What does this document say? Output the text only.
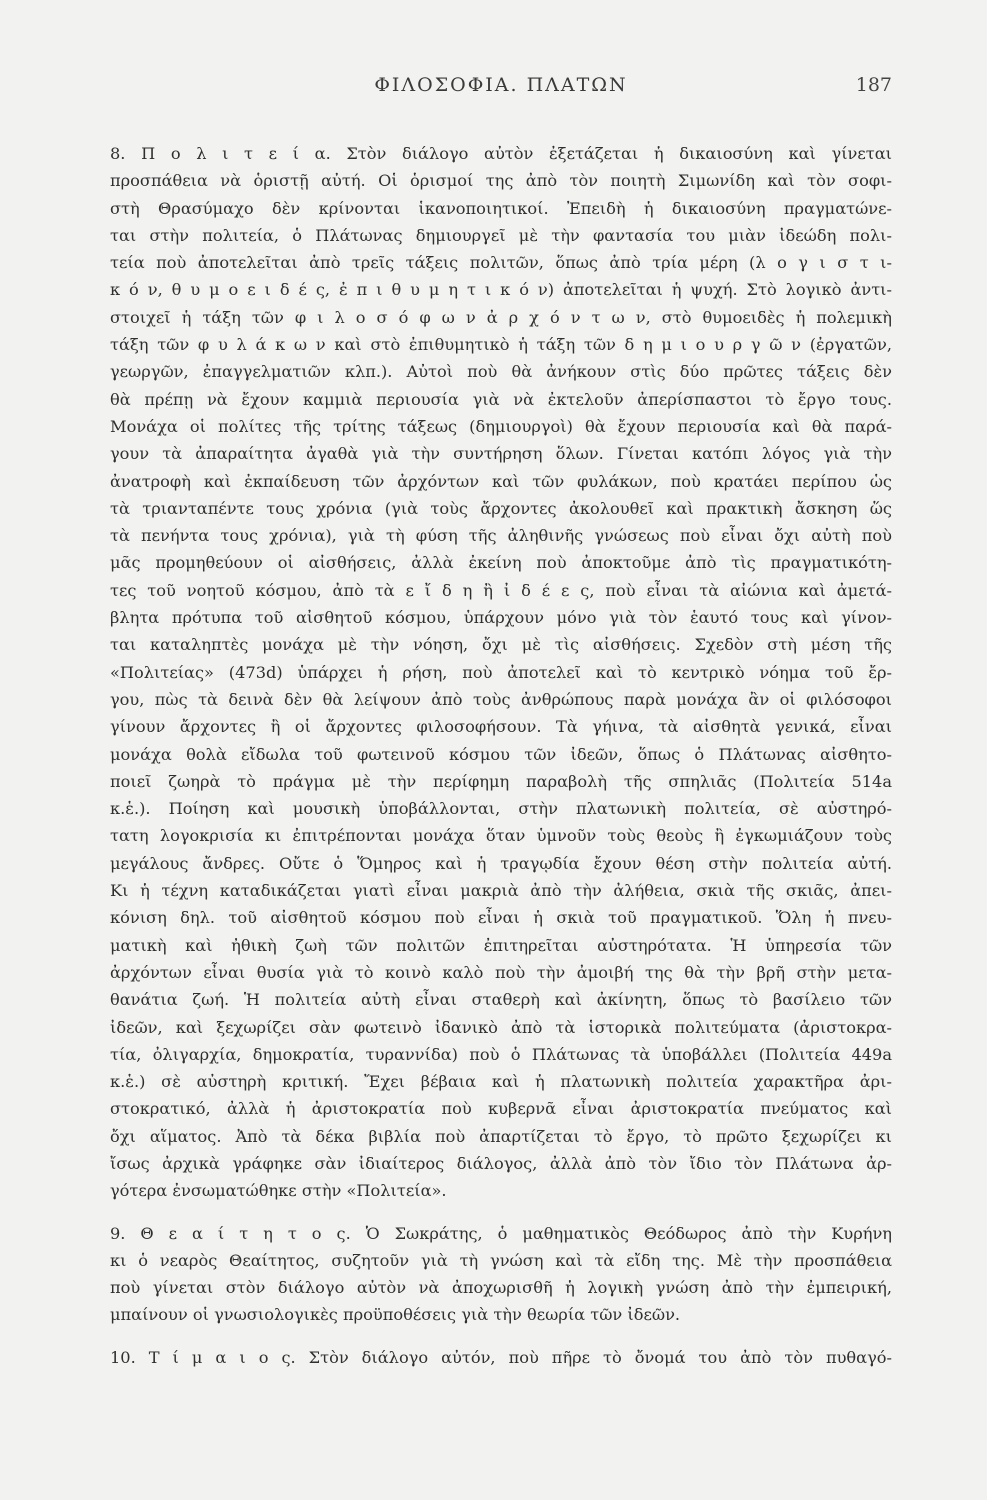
ΦΙΛΟΣΟΦΙΑ. ΠΛΑΤΩΝ	187
8. Π ο λ ι τ ε ί α. Στὸν διάλογο αὐτὸν ἐξετάζεται ἡ δικαιοσύνη καὶ γίνεται
προσπάθεια νὰ ὁριστῇ αὐτή. Οἱ ὁρισμοί της ἀπὸ τὸν ποιητὴ Σιμωνίδη καὶ τὸν σοφι-
στὴ Θρασύμαχο δὲν κρίνονται ἱκανοποιητικοί. Ἐπειδὴ ἡ δικαιοσύνη πραγματώνε-
ται στὴν πολιτεία, ὁ Πλάτωνας δημιουργεῖ μὲ τὴν φαντασία του μιὰν ἰδεώδη πολι-
τεία ποὺ ἀποτελεῖται ἀπὸ τρεῖς τάξεις πολιτῶν, ὅπως ἀπὸ τρία μέρη (λ ο γ ι σ τ ι-
κ ό ν, θ υ μ ο ε ι δ έ ς, ἐ π ι θ υ μ η τ ι κ ό ν) ἀποτελεῖται ἡ ψυχή. Στὸ λογικὸ ἀντι-
στοιχεῖ ἡ τάξη τῶν φ ι λ ο σ ό φ ω ν ἀ ρ χ ό ν τ ω ν, στὸ θυμοειδὲς ἡ πολεμικὴ
τάξη τῶν φ υ λ ά κ ω ν καὶ στὸ ἐπιθυμητικὸ ἡ τάξη τῶν δ η μ ι ο υ ρ γ ῶ ν (ἐργατῶν,
γεωργῶν, ἐπαγγελματιῶν κλπ.). Αὐτοὶ ποὺ θὰ ἀνήκουν στὶς δύο πρῶτες τάξεις δὲν
θὰ πρέπῃ νὰ ἔχουν καμμιὰ περιουσία γιὰ νὰ ἐκτελοῦν ἀπερίσπαστοι τὸ ἔργο τους.
Μονάχα οἱ πολίτες τῆς τρίτης τάξεως (δημιουργοὶ) θὰ ἔχουν περιουσία καὶ θὰ παρά-
γουν τὰ ἀπαραίτητα ἀγαθὰ γιὰ τὴν συντήρηση ὅλων. Γίνεται κατόπι λόγος γιὰ τὴν
ἀνατροφὴ καὶ ἐκπαίδευση τῶν ἀρχόντων καὶ τῶν φυλάκων, ποὺ κρατάει περίπου ὡς
τὰ τριανταπέντε τους χρόνια (γιὰ τοὺς ἄρχοντες ἀκολουθεῖ καὶ πρακτικὴ ἄσκηση ὥς
τὰ πενήντα τους χρόνια), γιὰ τὴ φύση τῆς ἀληθινῆς γνώσεως ποὺ εἶναι ὄχι αὐτὴ ποὺ
μᾶς προμηθεύουν οἱ αἰσθήσεις, ἀλλὰ ἐκείνη ποὺ ἀποκτοῦμε ἀπὸ τὶς πραγματικότη-
τες τοῦ νοητοῦ κόσμου, ἀπὸ τὰ ε ἴ δ η ἢ ἰ δ έ ε ς, ποὺ εἶναι τὰ αἰώνια καὶ ἀμετά-
βλητα πρότυπα τοῦ αἰσθητοῦ κόσμου, ὑπάρχουν μόνο γιὰ τὸν ἑαυτό τους καὶ γίνον-
ται καταληπτὲς μονάχα μὲ τὴν νόηση, ὄχι μὲ τὶς αἰσθήσεις. Σχεδὸν στὴ μέση τῆς
«Πολιτείας» (473d) ὑπάρχει ἡ ρήση, ποὺ ἀποτελεῖ καὶ τὸ κεντρικὸ νόημα τοῦ ἔρ-
γου, πὼς τὰ δεινὰ δὲν θὰ λείψουν ἀπὸ τοὺς ἀνθρώπους παρὰ μονάχα ἂν οἱ φιλόσοφοι
γίνουν ἄρχοντες ἢ οἱ ἄρχοντες φιλοσοφήσουν. Τὰ γήινα, τὰ αἰσθητὰ γενικά, εἶναι
μονάχα θολὰ εἴδωλα τοῦ φωτεινοῦ κόσμου τῶν ἰδεῶν, ὅπως ὁ Πλάτωνας αἰσθητο-
ποιεῖ ζωηρὰ τὸ πράγμα μὲ τὴν περίφημη παραβολὴ τῆς σπηλιᾶς (Πολιτεία 514a
κ.ἑ.). Ποίηση καὶ μουσικὴ ὑποβάλλονται, στὴν πλατωνικὴ πολιτεία, σὲ αὐστηρό-
τατη λογοκρισία κι ἐπιτρέπονται μονάχα ὅταν ὑμνοῦν τοὺς θεοὺς ἢ ἐγκωμιάζουν τοὺς
μεγάλους ἄνδρες. Οὔτε ὁ Ὅμηρος καὶ ἡ τραγῳδία ἔχουν θέση στὴν πολιτεία αὐτή.
Κι ἡ τέχνη καταδικάζεται γιατὶ εἶναι μακριὰ ἀπὸ τὴν ἀλήθεια, σκιὰ τῆς σκιᾶς, ἀπει-
κόνιση δηλ. τοῦ αἰσθητοῦ κόσμου ποὺ εἶναι ἡ σκιὰ τοῦ πραγματικοῦ. Ὅλη ἡ πνευ-
ματικὴ καὶ ἠθικὴ ζωὴ τῶν πολιτῶν ἐπιτηρεῖται αὐστηρότατα. Ἡ ὑπηρεσία τῶν
ἀρχόντων εἶναι θυσία γιὰ τὸ κοινὸ καλὸ ποὺ τὴν ἀμοιβή της θὰ τὴν βρῆ στὴν μετα-
θανάτια ζωή. Ἡ πολιτεία αὐτὴ εἶναι σταθερὴ καὶ ἀκίνητη, ὅπως τὸ βασίλειο τῶν
ἰδεῶν, καὶ ξεχωρίζει σὰν φωτεινὸ ἰδανικὸ ἀπὸ τὰ ἱστορικὰ πολιτεύματα (ἀριστοκρα-
τία, ὀλιγαρχία, δημοκρατία, τυραννίδα) ποὺ ὁ Πλάτωνας τὰ ὑποβάλλει (Πολιτεία 449a
κ.ἑ.) σὲ αὐστηρὴ κριτική. Ἔχει βέβαια καὶ ἡ πλατωνικὴ πολιτεία χαρακτῆρα ἀρι-
στοκρατικό, ἀλλὰ ἡ ἀριστοκρατία ποὺ κυβερνᾶ εἶναι ἀριστοκρατία πνεύματος καὶ
ὄχι αἵματος. Ἀπὸ τὰ δέκα βιβλία ποὺ ἀπαρτίζεται τὸ ἔργο, τὸ πρῶτο ξεχωρίζει κι
ἴσως ἀρχικὰ γράφηκε σὰν ἰδιαίτερος διάλογος, ἀλλὰ ἀπὸ τὸν ἴδιο τὸν Πλάτωνα ἀρ-
γότερα ἐνσωματώθηκε στὴν «Πολιτεία».
9. Θ ε α ί τ η τ ο ς. Ὁ Σωκράτης, ὁ μαθηματικὸς Θεόδωρος ἀπὸ τὴν Κυρήνη
κι ὁ νεαρὸς Θεαίτητος, συζητοῦν γιὰ τὴ γνώση καὶ τὰ εἴδη της. Μὲ τὴν προσπάθεια
ποὺ γίνεται στὸν διάλογο αὐτὸν νὰ ἀποχωρισθῆ ἡ λογικὴ γνώση ἀπὸ τὴν ἐμπειρική,
μπαίνουν οἱ γνωσιολογικὲς προϋποθέσεις γιὰ τὴν θεωρία τῶν ἰδεῶν.
10. Τ ί μ α ι ο ς. Στὸν διάλογο αὐτόν, ποὺ πῆρε τὸ ὄνομά του ἀπὸ τὸν πυθαγό-
